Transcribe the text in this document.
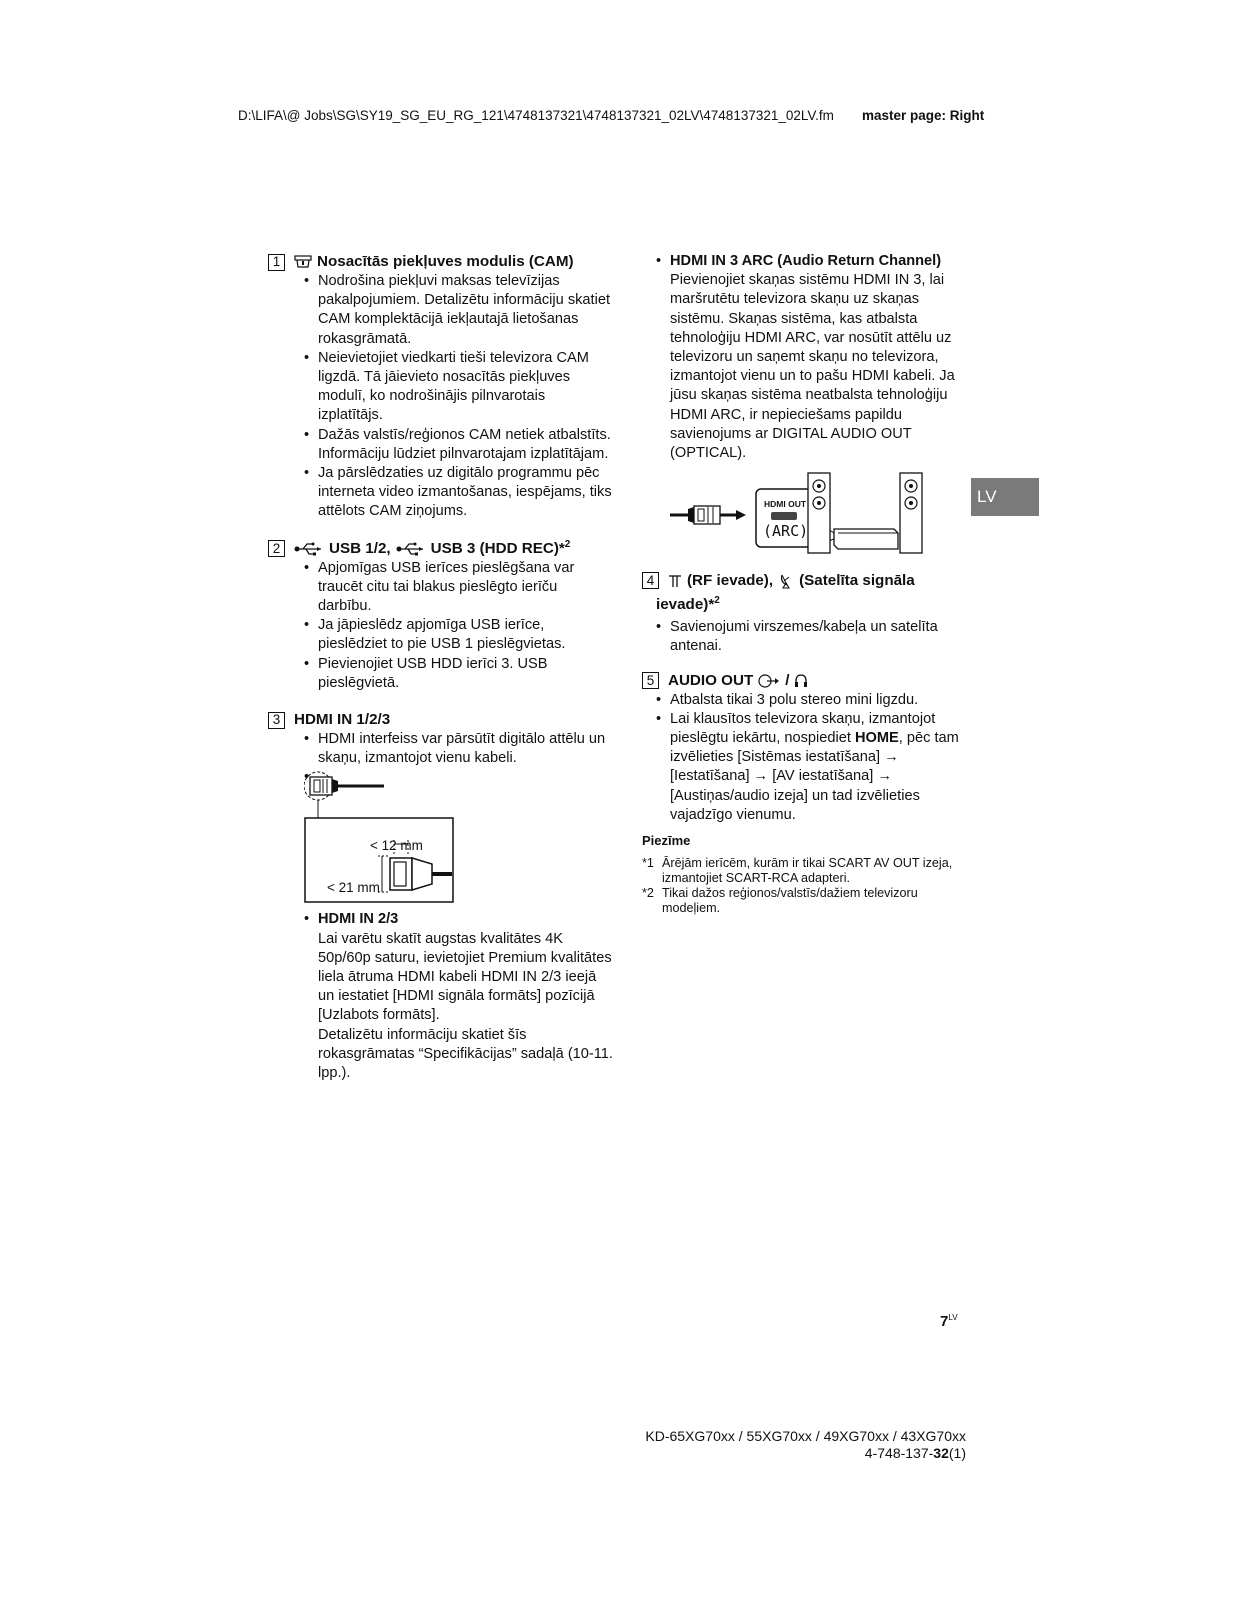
D:\LIFA\@ Jobs\SG\SY19_SG_EU_RG_121\4748137321\4748137321_02LV\4748137321_02LV.fm master page: Right
1	Nosacītās piekļuves modulis (CAM)
• Nodrošina piekļuvi maksas televīzijas pakalpojumiem. Detalizētu informāciju skatiet CAM komplektācijā iekļautajā lietošanas rokasgrāmatā.
• Neievietojiet viedkarti tieši televizora CAM ligzdā. Tā jāievieto nosacītās piekļuves modulī, ko nodrošinājis pilnvarotais izplatītājs.
• Dažās valstīs/reģionos CAM netiek atbalstīts. Informāciju lūdziet pilnvarotajam izplatītājam.
• Ja pārslēdzaties uz digitālo programmu pēc interneta video izmantošanas, iespējams, tiks attēlots CAM ziņojums.
2	USB 1/2,	USB 3 (HDD REC)*$^2$
• Apjomīgas USB ierīces pieslēgšana var traucēt citu tai blakus pieslēgto ierīču darbību.
• Ja jāpieslēdz apjomīga USB ierīce, pieslēdziet to pie USB 1 pieslēgvietas.
• Pievienojiet USB HDD ierīci 3. USB pieslēgvietā.
3 HDMI IN 1/2/3
• HDMI interfeiss var pārsūtīt digitālo attēlu un skaņu, izmantojot vienu kabeli.
• < 12 mm
< 21 mm
• HDMI IN 2/3
Lai varētu skatīt augstas kvalitātes 4K 50p/60p saturu, ievietojiet Premium kvalitātes liela ātruma HDMI kabeli HDMI IN 2/3 ieejā un iestatiet [HDMI signāla formāts] pozīcijā [Uzlabots formāts].
Detalizētu informāciju skatiet šīs rokasgrāmatas “Specifikācijas” sadaļā (10-11. lpp.).
• HDMI IN 3 ARC (Audio Return Channel)
Pievienojiet skaņas sistēmu HDMI IN 3, lai maršrutētu televizora skaņu uz skaņas sistēmu. Skaņas sistēma, kas atbalsta tehnoloģiju HDMI ARC, var nosūtīt attēlu uz televizoru un saņemt skaņu no televizora, izmantojot vienu un to pašu HDMI kabeli. Ja jūsu skaņas sistēma neatbalsta tehnoloģiju HDMI ARC, ir nepieciešams papildu savienojums ar DIGITAL AUDIO OUT (OPTICAL).
HDMI OUT
(ARC)
4	(RF ievade), (Satelīta signāla
ievade)*$^2$
• Savienojumi virszemes/kabeļa un satelīta antenai.
5 AUDIO OUT /
• Atbalsta tikai 3 polu stereo mini ligzdu.
• Lai klausītos televizora skaņu, izmantojot pieslēgtu iekārtu, nospiediet HOME, pēc tam izvēlieties [Sistēmas iestatīšana] → [Iestatīšana] → [AV iestatīšana] → [Austiņas/audio izeja] un tad izvēlieties vajadzīgo vienumu.
Piezīme
*1 Ārējām ierīcēm, kurām ir tikai SCART AV OUT izeja, izmantojiet SCART-RCA adapteri.
*2 Tikai dažos reģionos/valstīs/dažiem televizoru modeļiem.
LV
$7^{LV}$
KD-65XG70xx / 55XG70xx / 49XG70xx / 43XG70xx
4-748-137-32(1)
